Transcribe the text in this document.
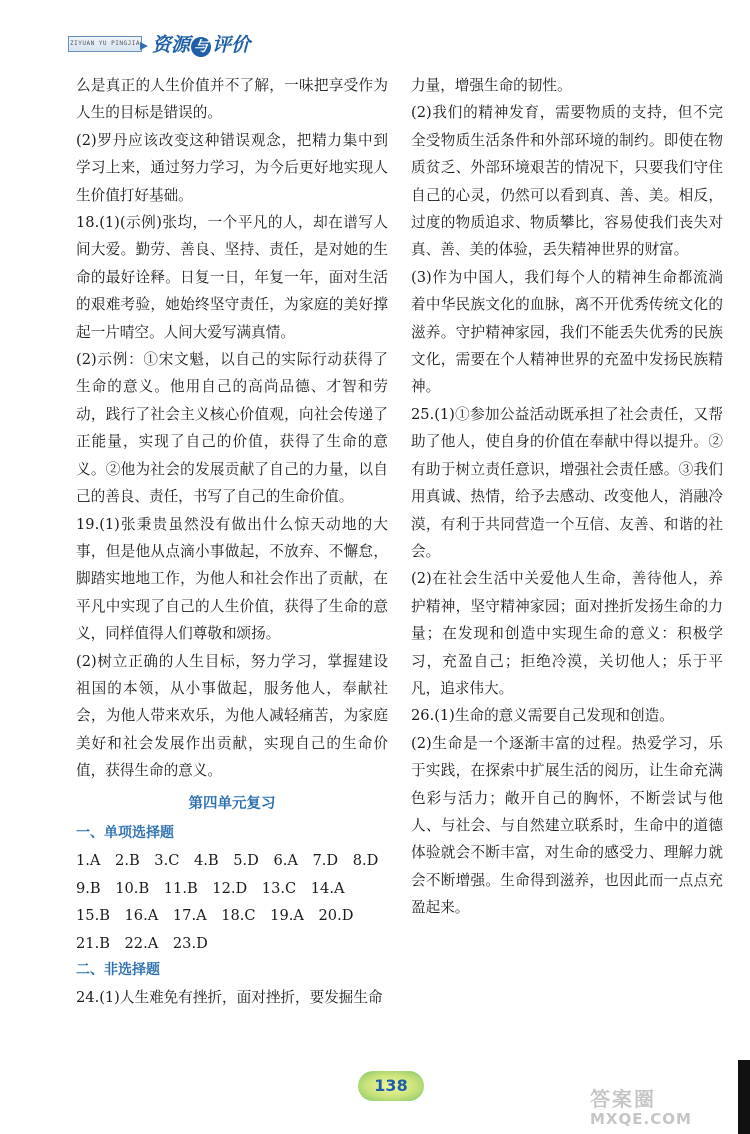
ZIYUAN YU PINGJIA 资源 与 评价

么是真正的人生价值并不了解，一味把享受作为人生的目标是错误的。

(2)罗丹应该改变这种错误观念，把精力集中到学习上来，通过努力学习，为今后更好地实现人生价值打好基础。

18.(1)(示例)张均，一个平凡的人，却在谱写人间大爱。勤劳、善良、坚持、责任，是对她的生命的最好诠释。日复一日，年复一年，面对生活的艰难考验，她始终坚守责任，为家庭的美好撑起一片晴空。人间大爱写满真情。

(2)示例：①宋文魁，以自己的实际行动获得了生命的意义。他用自己的高尚品德、才智和劳动，践行了社会主义核心价值观，向社会传递了正能量，实现了自己的价值，获得了生命的意义。②他为社会的发展贡献了自己的力量，以自己的善良、责任，书写了自己的生命价值。

19.(1)张秉贵虽然没有做出什么惊天动地的大事，但是他从点滴小事做起，不放弃、不懈怠，脚踏实地地工作，为他人和社会作出了贡献，在平凡中实现了自己的人生价值，获得了生命的意义，同样值得人们尊敬和颂扬。

(2)树立正确的人生目标，努力学习，掌握建设祖国的本领，从小事做起，服务他人，奉献社会，为他人带来欢乐，为他人减轻痛苦，为家庭美好和社会发展作出贡献，实现自己的生命价值，获得生命的意义。

第四单元复习
一、单项选择题
1.A　2.B　3.C　4.B　5.D　6.A　7.D　8.D
9.B　10.B　11.B　12.D　13.C　14.A
15.B　16.A　17.A　18.C　19.A　20.D
21.B　22.A　23.D
二、非选择题

24.(1)人生难免有挫折，面对挫折，要发掘生命

力量，增强生命的韧性。

(2)我们的精神发育，需要物质的支持，但不完全受物质生活条件和外部环境的制约。即使在物质贫乏、外部环境艰苦的情况下，只要我们守住自己的心灵，仍然可以看到真、善、美。相反，过度的物质追求、物质攀比，容易使我们丧失对真、善、美的体验，丢失精神世界的财富。

(3)作为中国人，我们每个人的精神生命都流淌着中华民族文化的血脉，离不开优秀传统文化的滋养。守护精神家园，我们不能丢失优秀的民族文化，需要在个人精神世界的充盈中发扬民族精神。

25.(1)①参加公益活动既承担了社会责任，又帮助了他人，使自身的价值在奉献中得以提升。②有助于树立责任意识，增强社会责任感。③我们用真诚、热情，给予去感动、改变他人，消融冷漠，有利于共同营造一个互信、友善、和谐的社会。

(2)在社会生活中关爱他人生命，善待他人，养护精神，坚守精神家园；面对挫折发扬生命的力量；在发现和创造中实现生命的意义：积极学习，充盈自己；拒绝冷漠，关切他人；乐于平凡，追求伟大。

26.(1)生命的意义需要自己发现和创造。

(2)生命是一个逐渐丰富的过程。热爱学习，乐于实践，在探索中扩展生活的阅历，让生命充满色彩与活力；敞开自己的胸怀，不断尝试与他人、与社会、与自然建立联系时，生命中的道德体验就会不断丰富，对生命的感受力、理解力就会不断增强。生命得到滋养，也因此而一点点充盈起来。

138
答案圈
MXQE.COM
